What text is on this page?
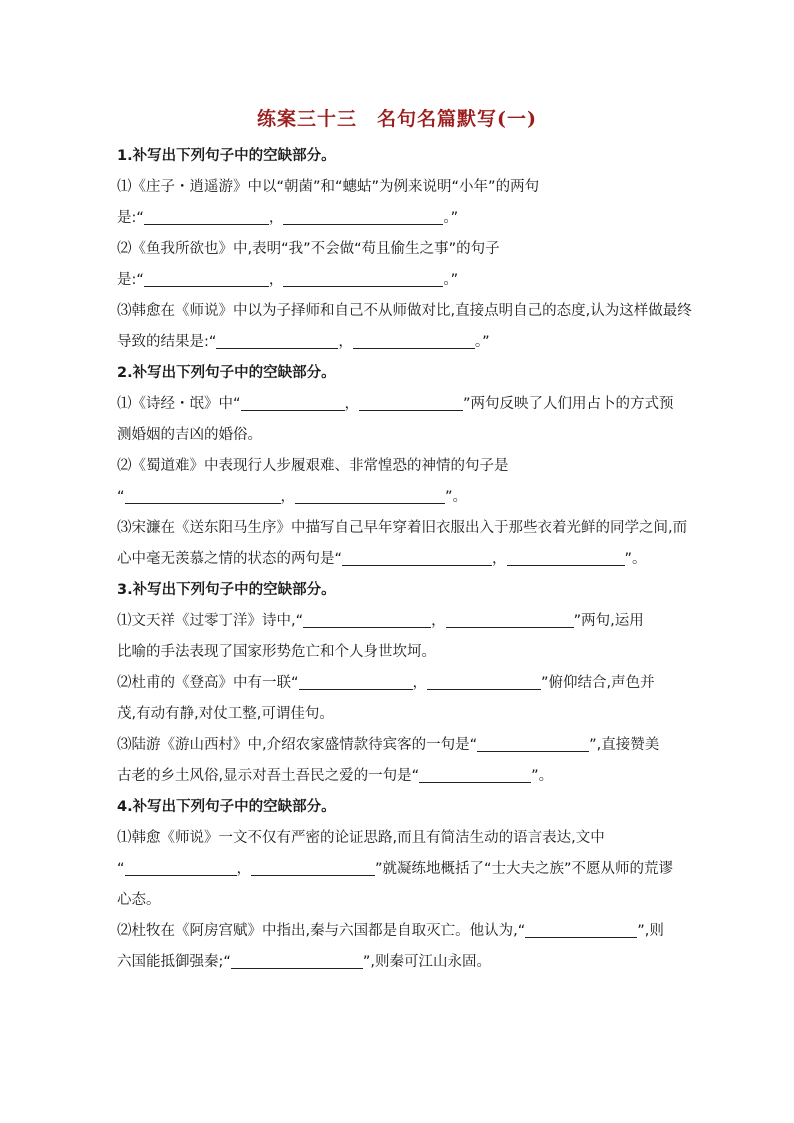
练案三十三　名句名篇默写(一)
1.补写出下列句子中的空缺部分。
⑴《庄子・逍遥游》中以“朝菌”和“蟪蛄”为例来说明“小年”的两句
是:“	，	。”
⑵《鱼我所欲也》中,表明“我”不会做“苟且偷生之事”的句子
是:“	，	。”
⑶韩愈在《师说》中以为子择师和自己不从师做对比,直接点明自己的态度,认为这样做最终
导致的结果是:“	，	。”
2.补写出下列句子中的空缺部分。
⑴《诗经・氓》中“	，	”两句反映了人们用占卜的方式预
测婚姻的吉凶的婚俗。
⑵《蜀道难》中表现行人步履艰难、非常惶恐的神情的句子是
“	，	”。
⑶宋濂在《送东阳马生序》中描写自己早年穿着旧衣服出入于那些衣着光鲜的同学之间,而
心中毫无羡慕之情的状态的两句是“	，	”。
3.补写出下列句子中的空缺部分。
⑴文天祥《过零丁洋》诗中,“	，	”两句,运用
比喻的手法表现了国家形势危亡和个人身世坎坷。
⑵杜甫的《登高》中有一联“	，	”俯仰结合,声色并
茂,有动有静,对仗工整,可谓佳句。
⑶陆游《游山西村》中,介绍农家盛情款待宾客的一句是“	”,直接赞美
古老的乡土风俗,显示对吾土吾民之爱的一句是“	”。
4.补写出下列句子中的空缺部分。
⑴韩愈《师说》一文不仅有严密的论证思路,而且有简洁生动的语言表达,文中
“	，	”就凝练地概括了“士大夫之族”不愿从师的荒谬
心态。
⑵杜牧在《阿房宫赋》中指出,秦与六国都是自取灭亡。他认为,“	”,则
六国能抵御强秦;“	”,则秦可江山永固。
